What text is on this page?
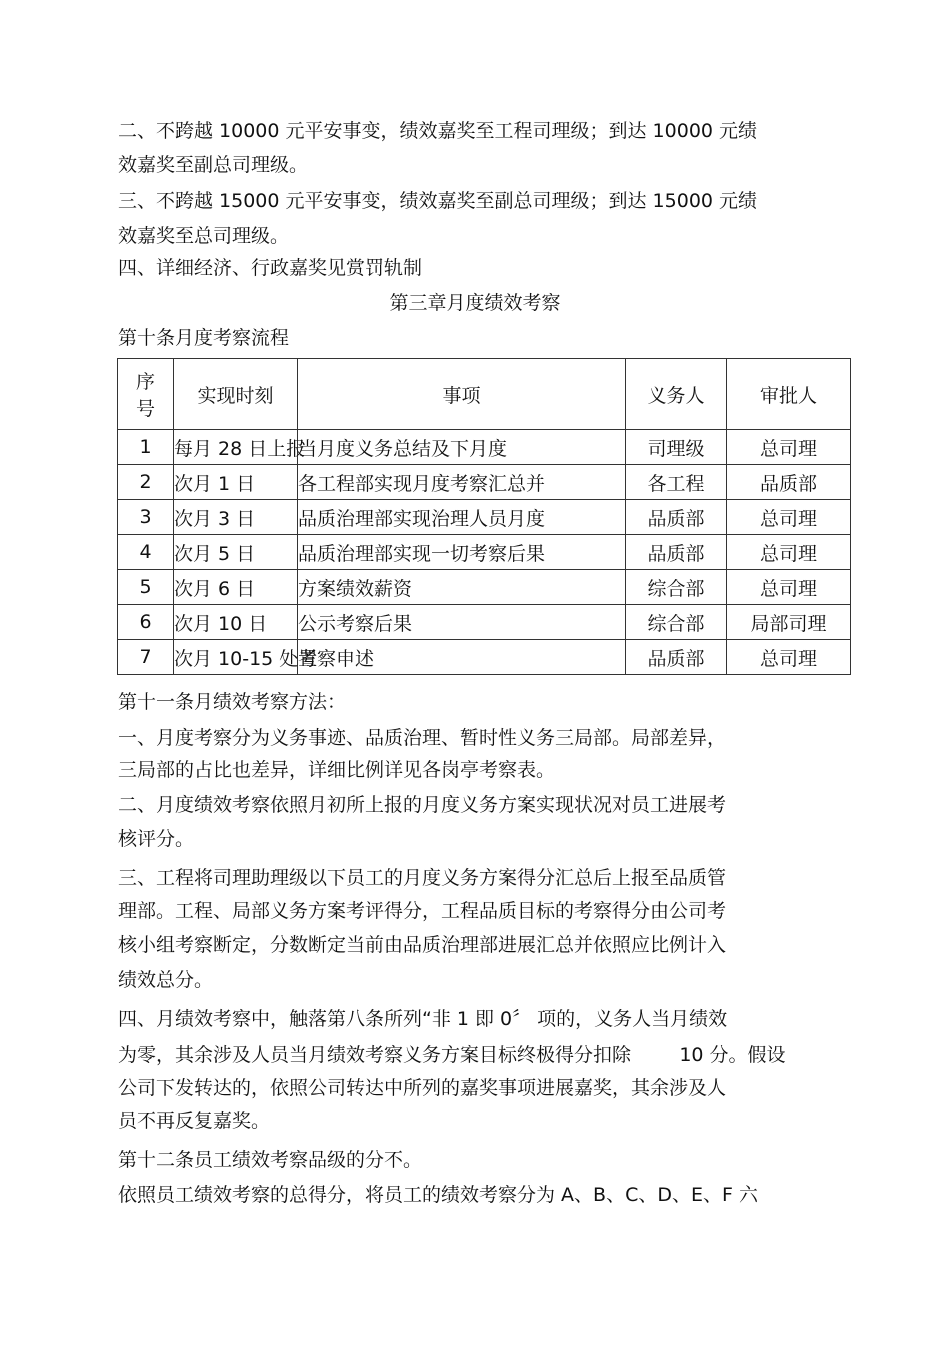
二、不跨越 10000 元平安事变，绩效嘉奖至工程司理级；到达 10000 元绩
效嘉奖至副总司理级。
三、不跨越 15000 元平安事变，绩效嘉奖至副总司理级；到达 15000 元绩
效嘉奖至总司理级。
四、详细经济、行政嘉奖见赏罚轨制
第三章月度绩效考察
第十条月度考察流程
序
号	实现时刻	事项	义务人	审批人
1	每月 28 日上报	当月度义务总结及下月度	司理级	总司理
2	次月 1 日	各工程部实现月度考察汇总并	各工程	品质部
3	次月 3 日	品质治理部实现治理人员月度	品质部	总司理
4	次月 5 日	品质治理部实现一切考察后果	品质部	总司理
5	次月 6 日	方案绩效薪资	综合部	总司理
6	次月 10 日	公示考察后果	综合部	局部司理
7	次月 10-15 处置	考察申述	品质部	总司理
第十一条月绩效考察方法：
一、月度考察分为义务事迹、品质治理、暂时性义务三局部。局部差异，
三局部的占比也差异，详细比例详见各岗亭考察表。
二、月度绩效考察依照月初所上报的月度义务方案实现状况对员工进展考
核评分。
三、工程将司理助理级以下员工的月度义务方案得分汇总后上报至品质管
理部。工程、局部义务方案考评得分，工程品质目标的考察得分由公司考
核小组考察断定，分数断定当前由品质治理部进展汇总并依照应比例计入
绩效总分。
四、月绩效考察中，触落第八条所列“非 1 即 0〞 项的，义务人当月绩效
为零，其余涉及人员当月绩效考察义务方案目标终极得分扣除        10 分。假设
公司下发转达的，依照公司转达中所列的嘉奖事项进展嘉奖，其余涉及人
员不再反复嘉奖。
第十二条员工绩效考察品级的分不。
依照员工绩效考察的总得分，将员工的绩效考察分为 A、B、C、D、E、F 六
